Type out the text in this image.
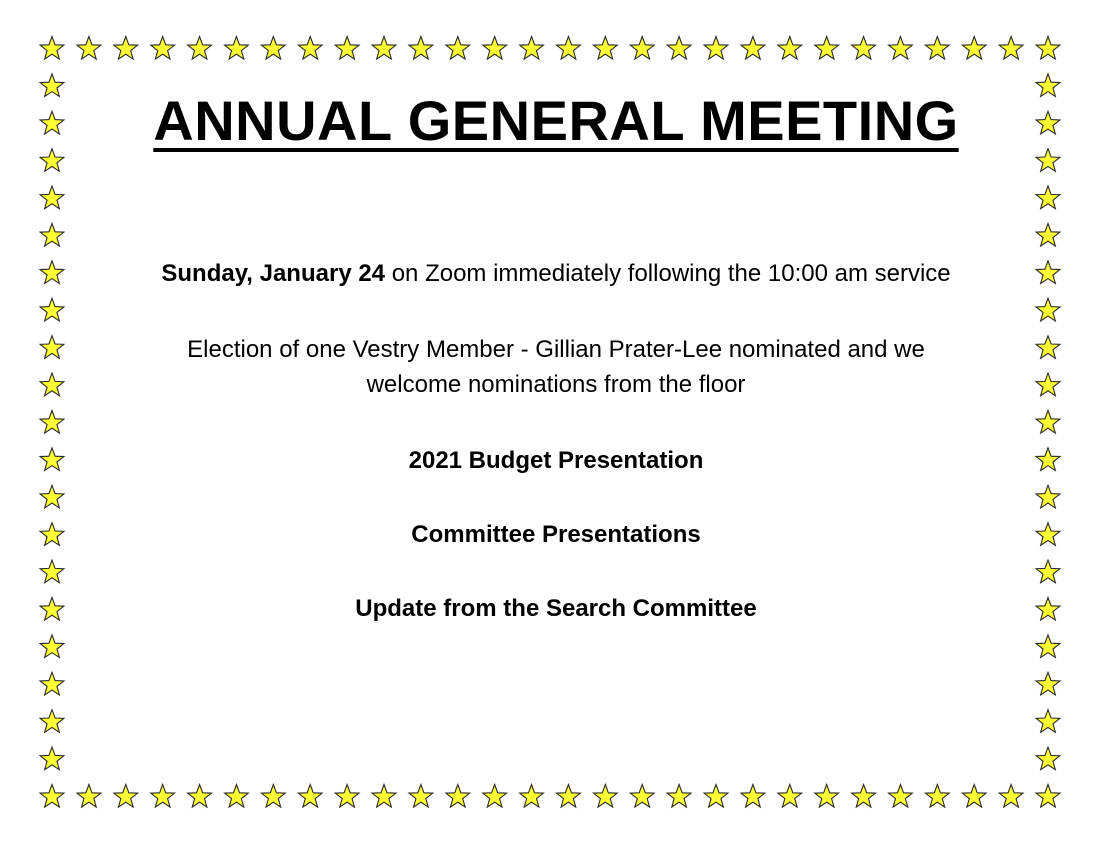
ANNUAL GENERAL MEETING

Sunday, January 24 on Zoom immediately following the 10:00 am service

Election of one Vestry Member - Gillian Prater-Lee nominated and we

welcome nominations from the floor

2021 Budget Presentation

Committee Presentations

Update from the Search Committee
